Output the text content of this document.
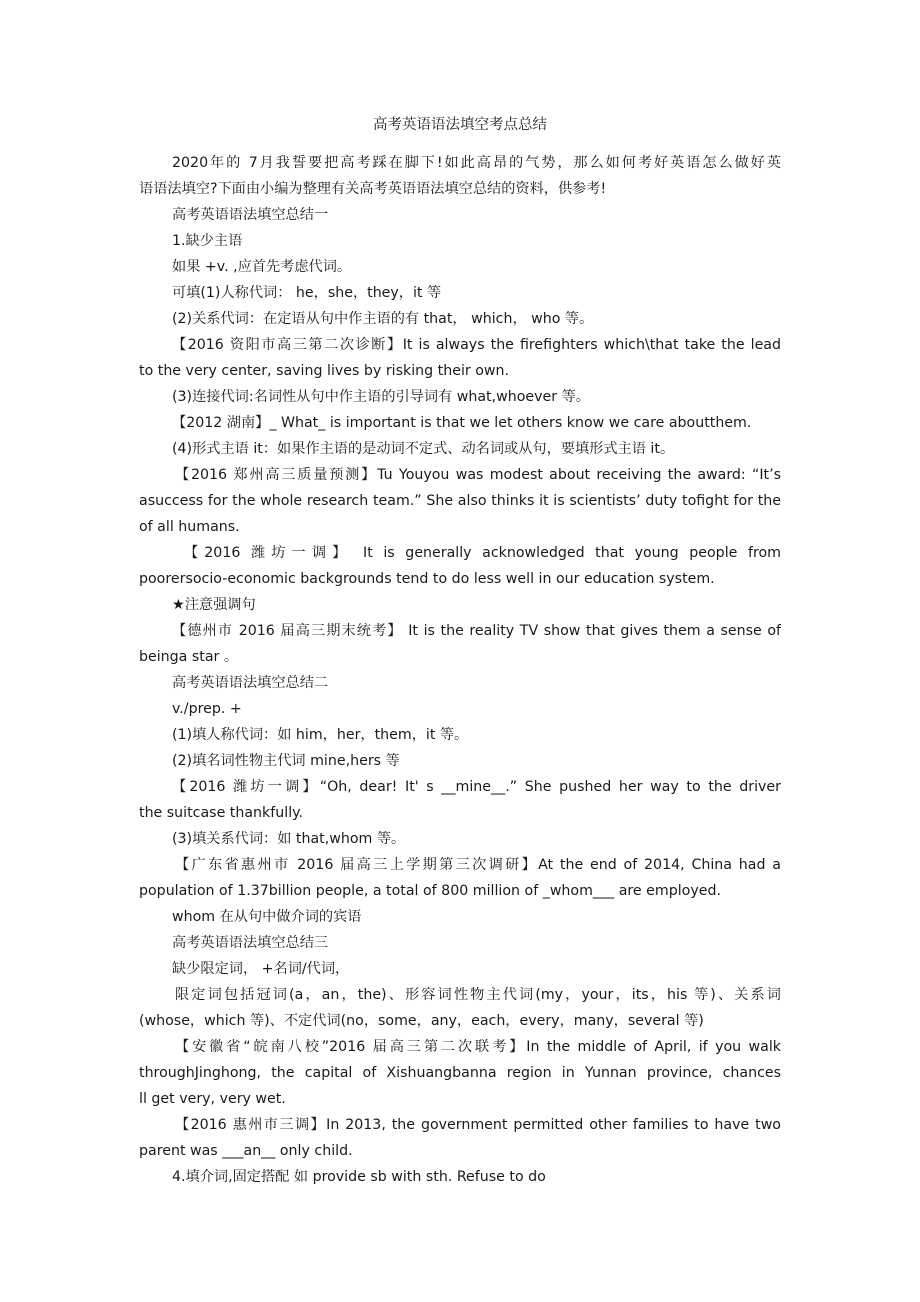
高考英语语法填空考点总结
2020年的 7月我誓要把高考踩在脚下!如此高昂的气势，那么如何考好英语怎么做好英
语语法填空?下面由小编为整理有关高考英语语法填空总结的资料，供参考!
高考英语语法填空总结一
1.缺少主语
如果 +v. ,应首先考虑代词。
可填(1)人称代词： he，she，they，it 等
(2)关系代词：在定语从句中作主语的有 that， which， who 等。
【2016 资阳市高三第二次诊断】It is always the firefighters which\that take the lead
to the very center, saving lives by risking their own.
(3)连接代词:名词性从句中作主语的引导词有 what,whoever 等。
【2012 湖南】_ What_ is important is that we let others know we care aboutthem.
(4)形式主语 it：如果作主语的是动词不定式、动名词或从句，要填形式主语 it。
【2016 郑州高三质量预测】Tu Youyou was modest about receiving the award: “It’s
asuccess for the whole research team.” She also thinks it is scientists’ duty tofight for the
of all humans.
【2016 潍坊一调】 It is generally acknowledged that young people from
poorersocio-economic backgrounds tend to do less well in our education system.
★注意强调句
【德州市 2016 届高三期末统考】 It is the reality TV show that gives them a sense of
beinga star 。
高考英语语法填空总结二
v./prep. +
(1)填人称代词：如 him，her，them，it 等。
(2)填名词性物主代词 mine,hers 等
【2016 潍坊一调】“Oh, dear! It' s __mine__.” She pushed her way to the driver
the suitcase thankfully.
(3)填关系代词：如 that,whom 等。
【广东省惠州市 2016 届高三上学期第三次调研】At the end of 2014, China had a
population of 1.37billion people, a total of 800 million of _whom___ are employed.
whom 在从句中做介词的宾语
高考英语语法填空总结三
缺少限定词， +名词/代词，
限定词包括冠词(a，an，the)、形容词性物主代词(my，your，its，his 等)、关系词
(whose，which 等)、不定代词(no，some，any，each，every，many，several 等)
【安徽省“皖南八校”2016 届高三第二次联考】In the middle of April, if you walk
throughJinghong, the capital of Xishuangbanna region in Yunnan province, chances
ll get very, very wet.
【2016 惠州市三调】In 2013, the government permitted other families to have two
parent was ___an__ only child.
4.填介词,固定搭配 如 provide sb with sth. Refuse to do
